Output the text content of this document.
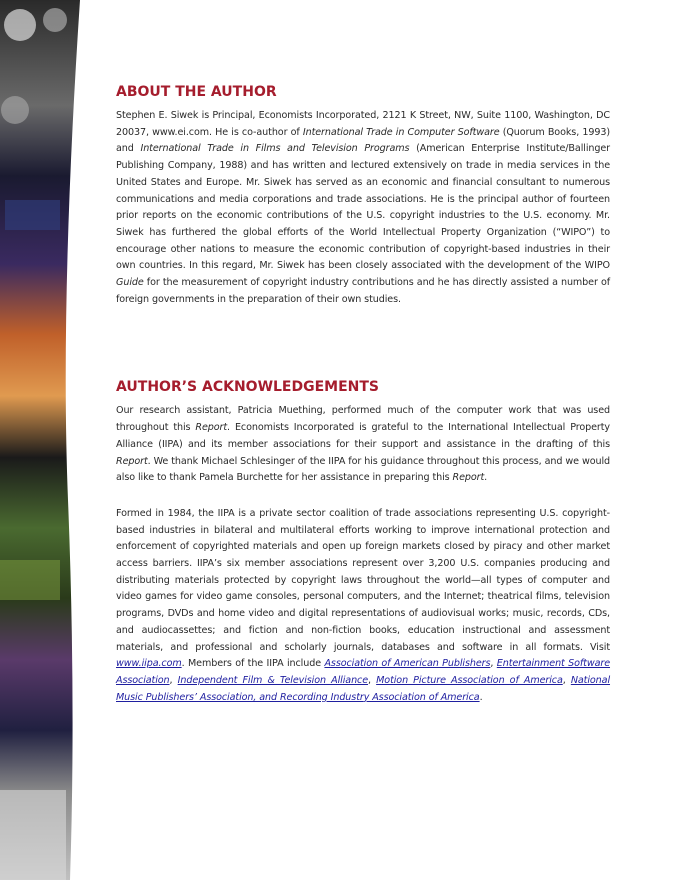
ABOUT THE AUTHOR

Stephen E. Siwek is Principal, Economists Incorporated, 2121 K Street, NW, Suite 1100, Washington, DC 20037, www.ei.com. He is co-author of International Trade in Computer Software (Quorum Books, 1993) and International Trade in Films and Television Programs (American Enterprise Institute/Ballinger Publishing Company, 1988) and has written and lectured extensively on trade in media services in the United States and Europe. Mr. Siwek has served as an economic and financial consultant to numerous communications and media corporations and trade associations. He is the principal author of fourteen prior reports on the economic contributions of the U.S. copyright industries to the U.S. economy. Mr. Siwek has furthered the global efforts of the World Intellectual Property Organization (“WIPO”) to encourage other nations to measure the economic contribution of copyright-based industries in their own countries. In this regard, Mr. Siwek has been closely associated with the development of the WIPO Guide for the measurement of copyright industry contributions and he has directly assisted a number of foreign governments in the preparation of their own studies.

AUTHOR’S ACKNOWLEDGEMENTS

Our research assistant, Patricia Muething, performed much of the computer work that was used throughout this Report. Economists Incorporated is grateful to the International Intellectual Property Alliance (IIPA) and its member associations for their support and assistance in the drafting of this Report. We thank Michael Schlesinger of the IIPA for his guidance throughout this process, and we would also like to thank Pamela Burchette for her assistance in preparing this Report.

Formed in 1984, the IIPA is a private sector coalition of trade associations representing U.S. copyright-based industries in bilateral and multilateral efforts working to improve international protection and enforcement of copyrighted materials and open up foreign markets closed by piracy and other market access barriers. IIPA’s six member associations represent over 3,200 U.S. companies producing and distributing materials protected by copyright laws throughout the world—all types of computer and video games for video game consoles, personal computers, and the Internet; theatrical films, television programs, DVDs and home video and digital representations of audiovisual works; music, records, CDs, and audiocassettes; and fiction and non-fiction books, education instructional and assessment materials, and professional and scholarly journals, databases and software in all formats. Visit www.iipa.com. Members of the IIPA include Association of American Publishers, Entertainment Software Association, Independent Film & Television Alliance, Motion Picture Association of America, National Music Publishers’ Association, and Recording Industry Association of America.
